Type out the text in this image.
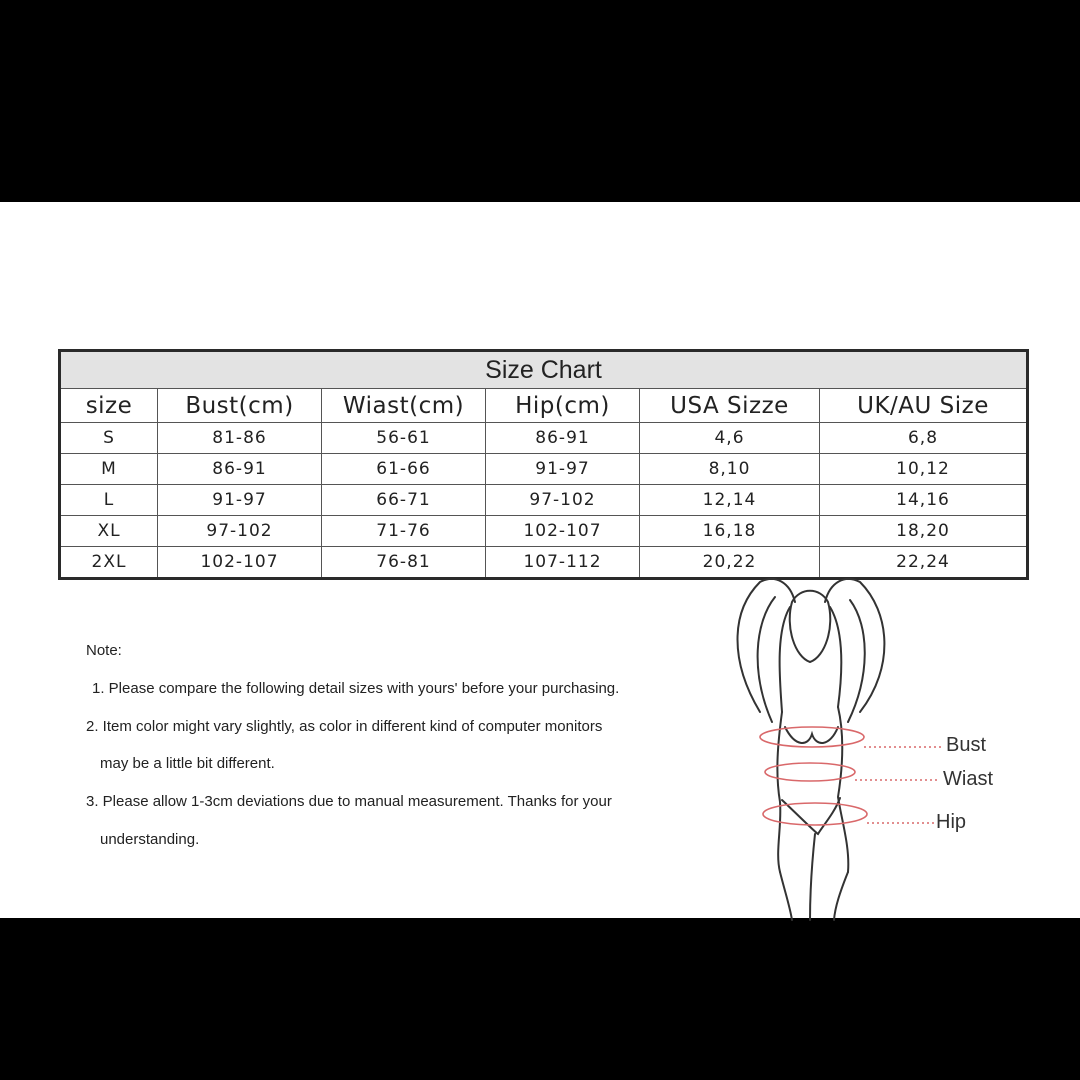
Size Chart					
size	Bust(cm)	Wiast(cm)	Hip(cm)	USA Sizze	UK/AU Size
S	81-86	56-61	86-91	4,6	6,8
M	86-91	61-66	91-97	8,10	10,12
L	91-97	66-71	97-102	12,14	14,16
XL	97-102	71-76	102-107	16,18	18,20
2XL	102-107	76-81	107-112	20,22	22,24
Note:
1. Please compare the following detail sizes with yours' before your purchasing.
2. Item color might vary slightly, as color in different kind of computer monitors
may be a little bit different.
3. Please allow 1-3cm deviations due to manual measurement. Thanks for your
understanding.
Bust
Wiast
Hip
